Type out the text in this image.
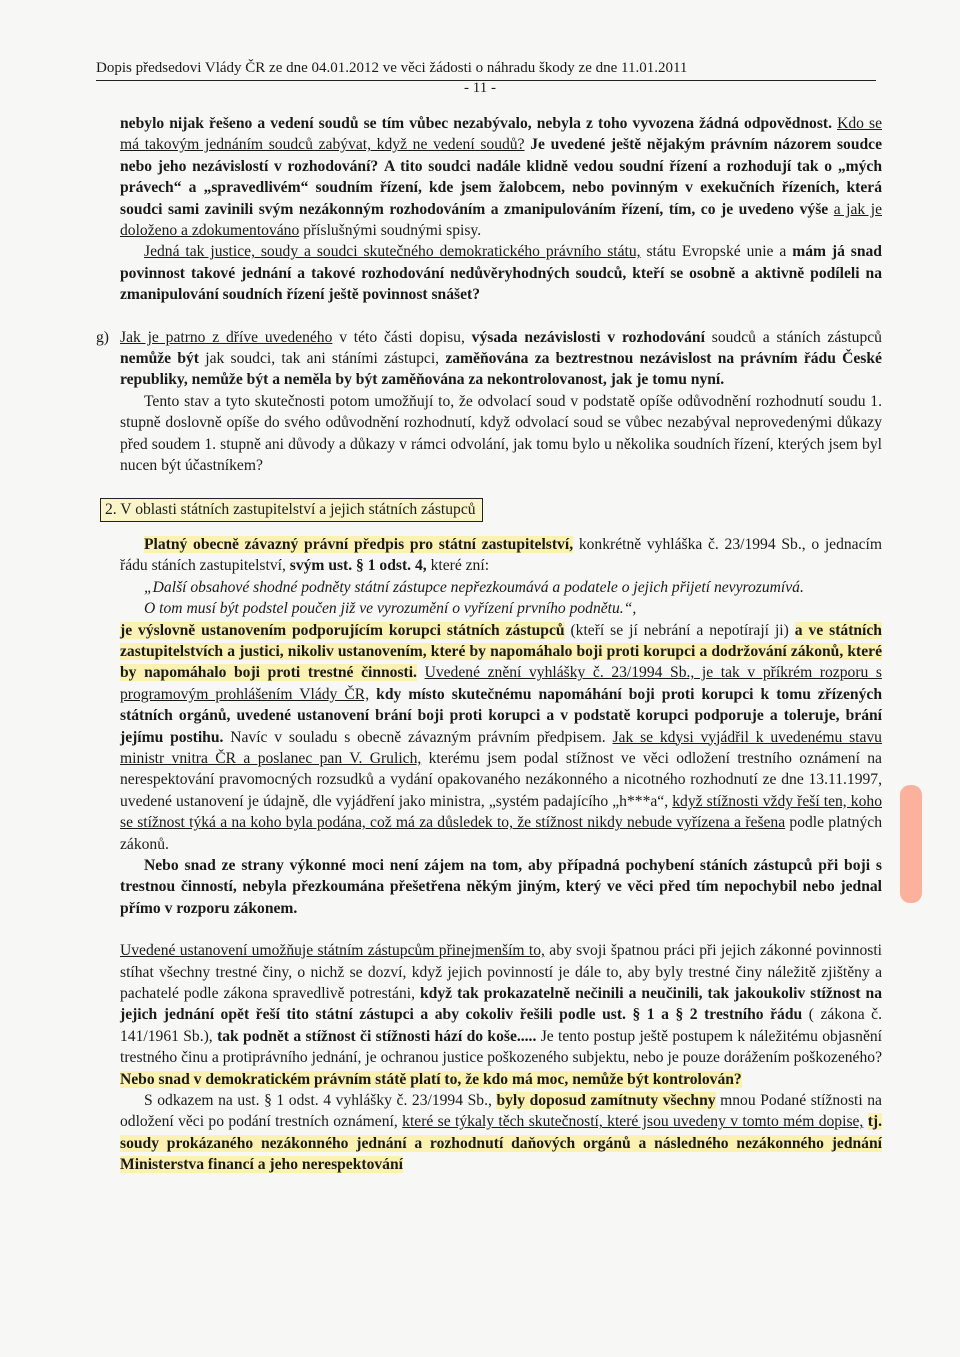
Dopis předsedovi Vlády ČR ze dne 04.01.2012 ve věci žádosti o náhradu škody ze dne 11.01.2011
- 11 -

nebylo nijak řešeno a vedení soudů se tím vůbec nezabývalo, nebyla z toho vyvozena žádná odpovědnost. Kdo se má takovým jednáním soudců zabývat, když ne vedení soudů? Je uvedené ještě nějakým právním názorem soudce nebo jeho nezávislostí v rozhodování? A tito soudci nadále klidně vedou soudní řízení a rozhodují tak o „mých právech“ a „spravedlivém“ soudním řízení, kde jsem žalobcem, nebo povinným v exekučních řízeních, která soudci sami zavinili svým nezákonným rozhodováním a zmanipulováním řízení, tím, co je uvedeno výše a jak je doloženo a zdokumentováno příslušnými soudnými spisy.

Jedná tak justice, soudy a soudci skutečného demokratického právního státu, státu Evropské unie a mám já snad povinnost takové jednání a takové rozhodování nedůvěryhodných soudců, kteří se osobně a aktivně podíleli na zmanipulování soudních řízení ještě povinnost snášet?

g) Jak je patrno z dříve uvedeného v této části dopisu, výsada nezávislosti v rozhodování soudců a stáních zástupců nemůže být jak soudci, tak ani stáními zástupci, zaměňována za beztrestnou nezávislost na právním řádu České republiky, nemůže být a neměla by být zaměňována za nekontrolovanost, jak je tomu nyní.

Tento stav a tyto skutečnosti potom umožňují to, že odvolací soud v podstatě opíše odůvodnění rozhodnutí soudu 1. stupně doslovně opíše do svého odůvodnění rozhodnutí, když odvolací soud se vůbec nezabýval neprovedenými důkazy před soudem 1. stupně ani důvody a důkazy v rámci odvolání, jak tomu bylo u několika soudních řízení, kterých jsem byl nucen být účastníkem?

2. V oblasti státních zastupitelství a jejich státních zástupců

Platný obecně závazný právní předpis pro státní zastupitelství, konkrétně vyhláška č. 23/1994 Sb., o jednacím řádu stáních zastupitelství, svým ust. § 1 odst. 4, které zní:

„Další obsahové shodné podněty státní zástupce nepřezkoumává a podatele o jejich přijetí nevyrozumívá.

O tom musí být podstel poučen již ve vyrozumění o vyřízení prvního podnětu.“,

je výslovně ustanovením podporujícím korupci státních zástupců (kteří se jí nebrání a nepotírají ji) a ve státních zastupitelstvích a justici, nikoliv ustanovením, které by napomáhalo boji proti korupci a dodržování zákonů, které by napomáhalo boji proti trestné činnosti. Uvedené znění vyhlášky č. 23/1994 Sb., je tak v příkrém rozporu s programovým prohlášením Vlády ČR, kdy místo skutečnému napomáhání boji proti korupci k tomu zřízených státních orgánů, uvedené ustanovení brání boji proti korupci a v podstatě korupci podporuje a toleruje, brání jejímu postihu. Navíc v souladu s obecně závazným právním předpisem. Jak se kdysi vyjádřil k uvedenému stavu ministr vnitra ČR a poslanec pan V. Grulich, kterému jsem podal stížnost ve věci odložení trestního oznámení na nerespektování pravomocných rozsudků a vydání opakovaného nezákonného a nicotného rozhodnutí ze dne 13.11.1997, uvedené ustanovení je údajně, dle vyjádření jako ministra, „systém padajícího „h***a“, když stížnosti vždy řeší ten, koho se stížnost týká a na koho byla podána, což má za důsledek to, že stížnost nikdy nebude vyřízena a řešena podle platných zákonů.

Nebo snad ze strany výkonné moci není zájem na tom, aby případná pochybení stáních zástupců při boji s trestnou činností, nebyla přezkoumána přešetřena někým jiným, který ve věci před tím nepochybil nebo jednal přímo v rozporu zákonem.

Uvedené ustanovení umožňuje státním zástupcům přinejmenším to, aby svoji špatnou práci při jejich zákonné povinnosti stíhat všechny trestné činy, o nichž se dozví, když jejich povinností je dále to, aby byly trestné činy náležitě zjištěny a pachatelé podle zákona spravedlivě potrestáni, když tak prokazatelně nečinili a neučinili, tak jakoukoliv stížnost na jejich jednání opět řeší tito státní zástupci a aby cokoliv řešili podle ust. § 1 a § 2 trestního řádu ( zákona č. 141/1961 Sb.), tak podnět a stížnost či stížnosti hází do koše..... Je tento postup ještě postupem k náležitému objasnění trestného činu a protiprávního jednání, je ochranou justice poškozeného subjektu, nebo je pouze dorážením poškozeného? Nebo snad v demokratickém právním státě platí to, že kdo má moc, nemůže být kontrolován?

S odkazem na ust. § 1 odst. 4 vyhlášky č. 23/1994 Sb., byly doposud zamítnuty všechny mnou Podané stížnosti na odložení věci po podání trestních oznámení, které se týkaly těch skutečností, které jsou uvedeny v tomto mém dopise, tj. soudy prokázaného nezákonného jednání a rozhodnutí daňových orgánů a následného nezákonného jednání Ministerstva financí a jeho nerespektování
